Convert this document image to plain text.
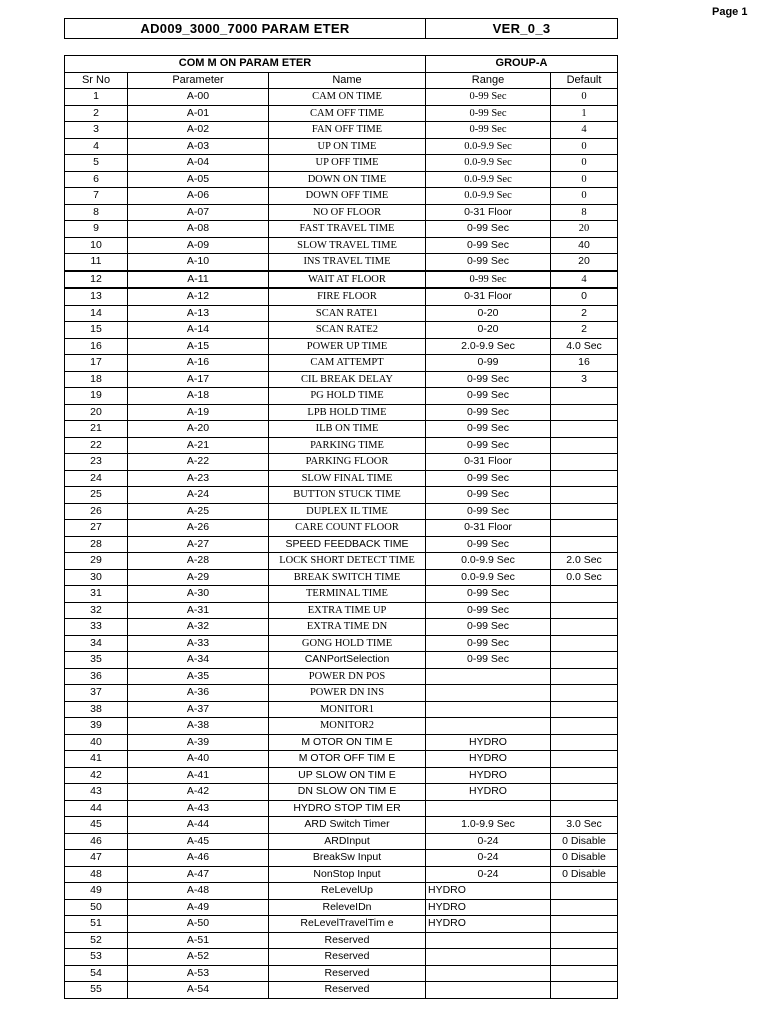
Page 1
AD009_3000_7000 PARAM ETER	VER_0_3
COM M ON PARAM ETER			GROUP-A	
Sr No	Parameter	Name	Range	Default
1	A-00	CAM ON TIME	0-99 Sec	0
2	A-01	CAM OFF TIME	0-99 Sec	1
3	A-02	FAN OFF TIME	0-99 Sec	4
4	A-03	UP ON TIME	0.0-9.9 Sec	0
5	A-04	UP OFF TIME	0.0-9.9 Sec	0
6	A-05	DOWN ON TIME	0.0-9.9 Sec	0
7	A-06	DOWN OFF TIME	0.0-9.9 Sec	0
8	A-07	NO OF FLOOR	0-31 Floor	8
9	A-08	FAST TRAVEL TIME	0-99 Sec	20
10	A-09	SLOW TRAVEL TIME	0-99 Sec	40
11	A-10	INS TRAVEL TIME	0-99 Sec	20
12	A-11	WAIT AT FLOOR	0-99 Sec	4
13	A-12	FIRE FLOOR	0-31 Floor	0
14	A-13	SCAN RATE1	0-20	2
15	A-14	SCAN RATE2	0-20	2
16	A-15	POWER UP TIME	2.0-9.9 Sec	4.0 Sec
17	A-16	CAM ATTEMPT	0-99	16
18	A-17	CIL BREAK DELAY	0-99 Sec	3
19	A-18	PG HOLD TIME	0-99 Sec	
20	A-19	LPB HOLD TIME	0-99 Sec	
21	A-20	ILB ON TIME	0-99 Sec	
22	A-21	PARKING TIME	0-99 Sec	
23	A-22	PARKING FLOOR	0-31 Floor	
24	A-23	SLOW FINAL TIME	0-99 Sec	
25	A-24	BUTTON STUCK TIME	0-99 Sec	
26	A-25	DUPLEX IL TIME	0-99 Sec	
27	A-26	CARE COUNT FLOOR	0-31 Floor	
28	A-27	SPEED FEEDBACK TIME	0-99 Sec	
29	A-28	LOCK SHORT DETECT TIME	0.0-9.9 Sec	2.0 Sec
30	A-29	BREAK SWITCH TIME	0.0-9.9 Sec	0.0 Sec
31	A-30	TERMINAL TIME	0-99 Sec	
32	A-31	EXTRA TIME UP	0-99 Sec	
33	A-32	EXTRA TIME DN	0-99 Sec	
34	A-33	GONG HOLD TIME	0-99 Sec	
35	A-34	CANPortSelection	0-99 Sec	
36	A-35	POWER DN POS		
37	A-36	POWER DN INS		
38	A-37	MONITOR1		
39	A-38	MONITOR2		
40	A-39	M OTOR ON TIM E	HYDRO	
41	A-40	M OTOR OFF TIM E	HYDRO	
42	A-41	UP SLOW ON TIM E	HYDRO	
43	A-42	DN SLOW ON TIM E	HYDRO	
44	A-43	HYDRO STOP TIM ER		
45	A-44	ARD Switch Timer	1.0-9.9 Sec	3.0 Sec
46	A-45	ARDInput	0-24	0 Disable
47	A-46	BreakSw Input	0-24	0 Disable
48	A-47	NonStop Input	0-24	0 Disable
49	A-48	ReLevelUp	HYDRO	
50	A-49	ReleveIDn	HYDRO	
51	A-50	ReLevelTravelTim e	HYDRO	
52	A-51	Reserved		
53	A-52	Reserved		
54	A-53	Reserved		
55	A-54	Reserved		
